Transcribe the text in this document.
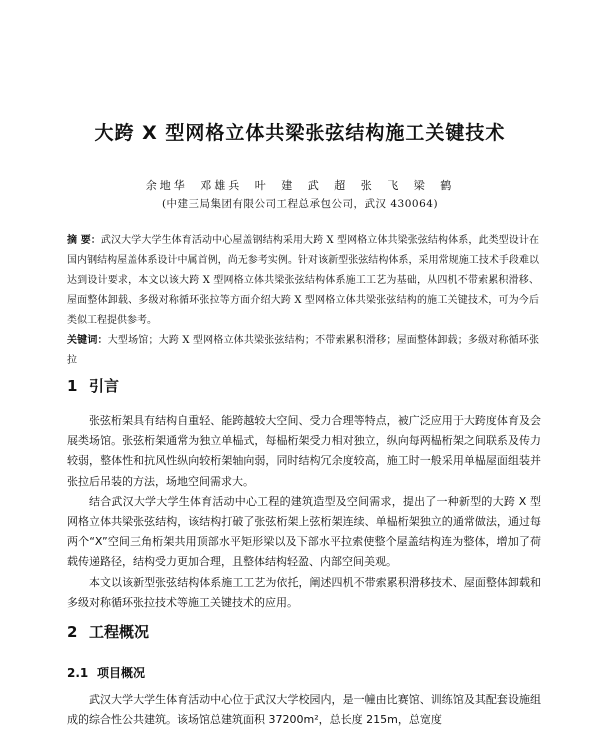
大跨 X 型网格立体共梁张弦结构施工关键技术
余地华 邓雄兵 叶 建 武 超 张 飞 梁 鹤
(中建三局集团有限公司工程总承包公司，武汉 430064)

摘 要：武汉大学大学生体育活动中心屋盖钢结构采用大跨 X 型网格立体共梁张弦结构体系，此类型设计在国内钢结构屋盖体系设计中属首例，尚无参考实例。针对该新型张弦结构体系，采用常规施工技术手段难以达到设计要求，本文以该大跨 X 型网格立体共梁张弦结构体系施工工艺为基础，从四机不带索累积滑移、屋面整体卸载、多级对称循环张拉等方面介绍大跨 X 型网格立体共梁张弦结构的施工关键技术，可为今后类似工程提供参考。

关键词：大型场馆；大跨 X 型网格立体共梁张弦结构；不带索累积滑移；屋面整体卸载；多级对称循环张拉

1 引言

张弦桁架具有结构自重轻、能跨越较大空间、受力合理等特点，被广泛应用于大跨度体育及会展类场馆。张弦桁架通常为独立单榀式，每榀桁架受力相对独立，纵向每两榀桁架之间联系及传力较弱，整体性和抗风性纵向较桁架轴向弱，同时结构冗余度较高，施工时一般采用单榀屋面组装并张拉后吊装的方法，场地空间需求大。

结合武汉大学大学生体育活动中心工程的建筑造型及空间需求，提出了一种新型的大跨 X 型网格立体共梁张弦结构，该结构打破了张弦桁架上弦桁架连续、单榀桁架独立的通常做法，通过每两个“X”空间三角桁架共用顶部水平矩形梁以及下部水平拉索使整个屋盖结构连为整体，增加了荷载传递路径，结构受力更加合理，且整体结构轻盈、内部空间美观。

本文以该新型张弦结构体系施工工艺为依托，阐述四机不带索累积滑移技术、屋面整体卸载和多级对称循环张拉技术等施工关键技术的应用。

2 工程概况
2.1 项目概况

武汉大学大学生体育活动中心位于武汉大学校园内，是一幢由比赛馆、训练馆及其配套设施组成的综合性公共建筑。该场馆总建筑面积 37200m²，总长度 215m，总宽度
